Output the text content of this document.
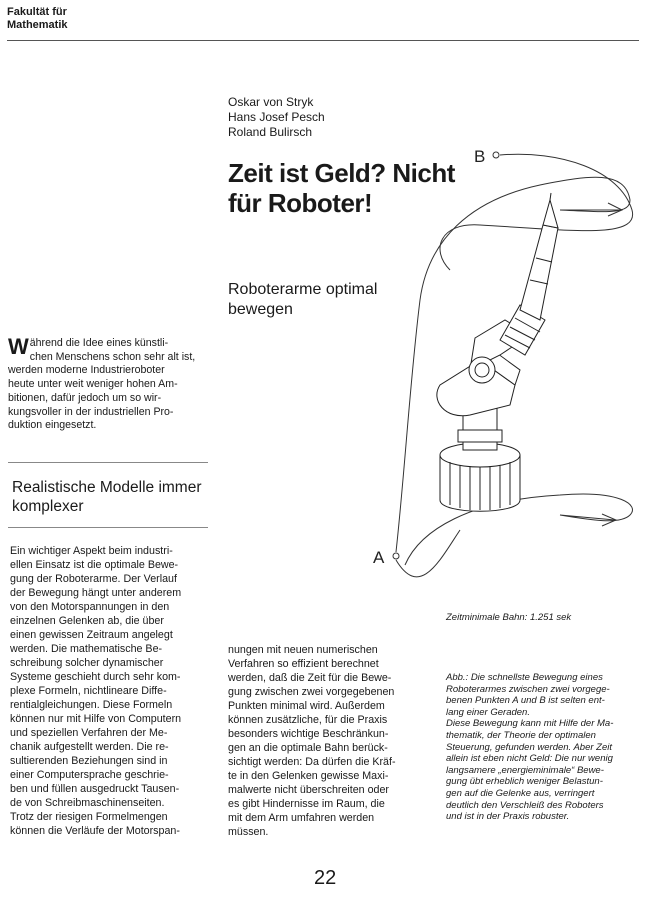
Fakultät für
Mathematik
Oskar von Stryk
Hans Josef Pesch
Roland Bulirsch
Zeit ist Geld? Nicht für Roboter!
Roboterarme optimal bewegen
W ährend die Idee eines künstli-
chen Menschens schon sehr alt ist,
werden moderne Industrieroboter
heute unter weit weniger hohen Am-
bitionen, dafür jedoch um so wir-
kungsvoller in der industriellen Pro-
duktion eingesetzt.
Realistische Modelle immer komplexer
Ein wichtiger Aspekt beim industri-
ellen Einsatz ist die optimale Bewe-
gung der Roboterarme. Der Verlauf
der Bewegung hängt unter anderem
von den Motorspannungen in den
einzelnen Gelenken ab, die über
einen gewissen Zeitraum angelegt
werden. Die mathematische Be-
schreibung solcher dynamischer
Systeme geschieht durch sehr kom-
plexe Formeln, nichtlineare Diffe-
rentialgleichungen. Diese Formeln
können nur mit Hilfe von Computern
und speziellen Verfahren der Me-
chanik aufgestellt werden. Die re-
sultierenden Beziehungen sind in
einer Computersprache geschrie-
ben und füllen ausgedruckt Tausen-
de von Schreibmaschinenseiten.
Trotz der riesigen Formelmengen
können die Verläufe der Motorspan-
nungen mit neuen numerischen
Verfahren so effizient berechnet
werden, daß die Zeit für die Bewe-
gung zwischen zwei vorgegebenen
Punkten minimal wird. Außerdem
können zusätzliche, für die Praxis
besonders wichtige Beschränkun-
gen an die optimale Bahn berück-
sichtigt werden: Da dürfen die Kräf-
te in den Gelenken gewisse Maxi-
malwerte nicht überschreiten oder
es gibt Hindernisse im Raum, die
mit dem Arm umfahren werden
müssen.
B
A
Zeitminimale Bahn: 1.251 sek
Abb.: Die schnellste Bewegung eines
Roboterarmes zwischen zwei vorgege-
benen Punkten A und B ist selten ent-
lang einer Geraden.
Diese Bewegung kann mit Hilfe der Ma-
thematik, der Theorie der optimalen
Steuerung, gefunden werden. Aber Zeit
allein ist eben nicht Geld: Die nur wenig
langsamere „energieminimale“ Bewe-
gung übt erheblich weniger Belastun-
gen auf die Gelenke aus, verringert
deutlich den Verschleiß des Roboters
und ist in der Praxis robuster.
22
